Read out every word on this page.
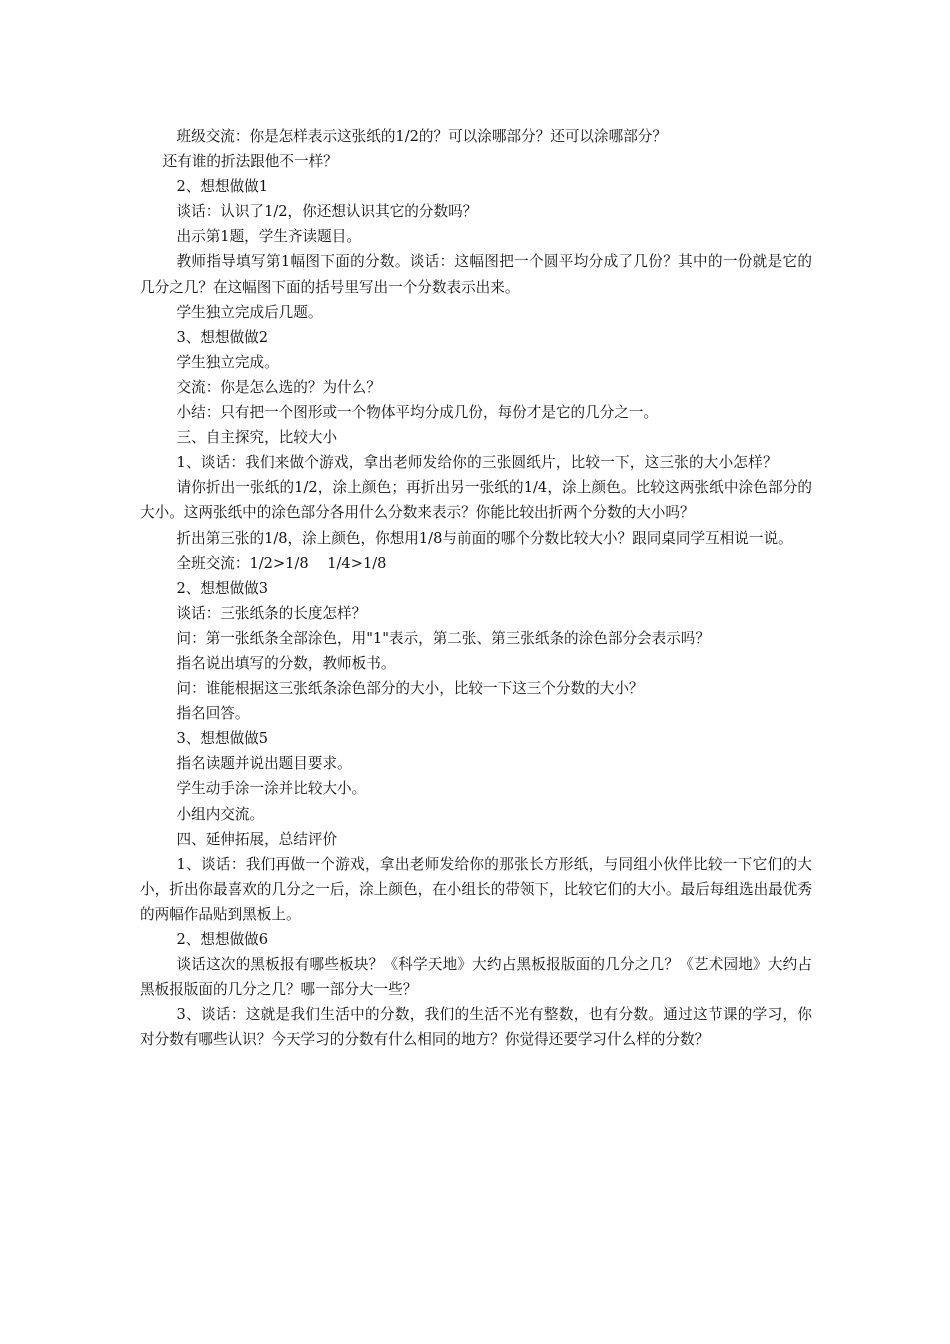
班级交流：你是怎样表示这张纸的1/2的？可以涂哪部分？还可以涂哪部分？

还有谁的折法跟他不一样？

2、想想做做1

谈话：认识了1/2，你还想认识其它的分数吗？

出示第1题，学生齐读题目。

教师指导填写第1幅图下面的分数。谈话：这幅图把一个圆平均分成了几份？其中的一份就是它的几分之几？在这幅图下面的括号里写出一个分数表示出来。

学生独立完成后几题。

3、想想做做2

学生独立完成。

交流：你是怎么选的？为什么？

小结：只有把一个图形或一个物体平均分成几份，每份才是它的几分之一。

三、自主探究，比较大小

1、谈话：我们来做个游戏，拿出老师发给你的三张圆纸片，比较一下，这三张的大小怎样？

请你折出一张纸的1/2，涂上颜色；再折出另一张纸的1/4，涂上颜色。比较这两张纸中涂色部分的大小。这两张纸中的涂色部分各用什么分数来表示？你能比较出折两个分数的大小吗？

折出第三张的1/8，涂上颜色，你想用1/8与前面的哪个分数比较大小？跟同桌同学互相说一说。

全班交流：1/2>1/8    1/4>1/8

2、想想做做3

谈话：三张纸条的长度怎样？

问：第一张纸条全部涂色，用"1"表示，第二张、第三张纸条的涂色部分会表示吗？

指名说出填写的分数，教师板书。

问：谁能根据这三张纸条涂色部分的大小，比较一下这三个分数的大小？

指名回答。

3、想想做做5

指名读题并说出题目要求。

学生动手涂一涂并比较大小。

小组内交流。

四、延伸拓展，总结评价

1、谈话：我们再做一个游戏，拿出老师发给你的那张长方形纸，与同组小伙伴比较一下它们的大小，折出你最喜欢的几分之一后，涂上颜色，在小组长的带领下，比较它们的大小。最后每组选出最优秀的两幅作品贴到黑板上。

2、想想做做6

谈话这次的黑板报有哪些板块？《科学天地》大约占黑板报版面的几分之几？《艺术园地》大约占黑板报版面的几分之几？哪一部分大一些？

3、谈话：这就是我们生活中的分数，我们的生活不光有整数，也有分数。通过这节课的学习，你对分数有哪些认识？今天学习的分数有什么相同的地方？你觉得还要学习什么样的分数？
